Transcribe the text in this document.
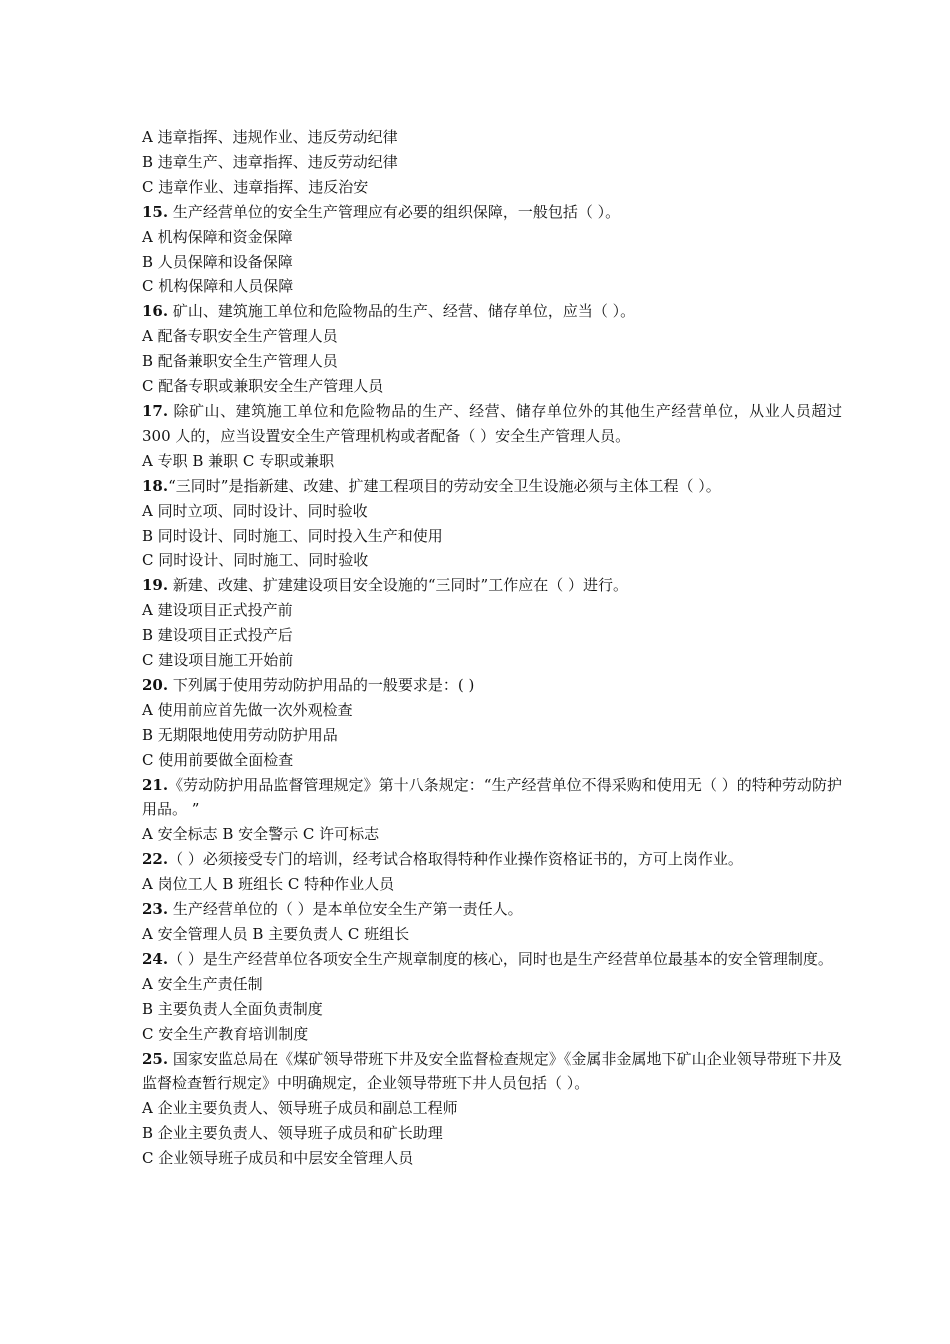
A 违章指挥、违规作业、违反劳动纪律
B 违章生产、违章指挥、违反劳动纪律
C 违章作业、违章指挥、违反治安
15. 生产经营单位的安全生产管理应有必要的组织保障，一般包括（ ）。
A 机构保障和资金保障
B 人员保障和设备保障
C 机构保障和人员保障
16. 矿山、建筑施工单位和危险物品的生产、经营、储存单位，应当（ ）。
A 配备专职安全生产管理人员
B 配备兼职安全生产管理人员
C 配备专职或兼职安全生产管理人员
17. 除矿山、建筑施工单位和危险物品的生产、经营、储存单位外的其他生产经营单位，从业人员超过 300 人的，应当设置安全生产管理机构或者配备（ ）安全生产管理人员。
A 专职 B 兼职 C 专职或兼职
18.“三同时”是指新建、改建、扩建工程项目的劳动安全卫生设施必须与主体工程（ ）。
A 同时立项、同时设计、同时验收
B 同时设计、同时施工、同时投入生产和使用
C 同时设计、同时施工、同时验收
19. 新建、改建、扩建建设项目安全设施的“三同时”工作应在（ ）进行。
A 建设项目正式投产前
B 建设项目正式投产后
C 建设项目施工开始前
20. 下列属于使用劳动防护用品的一般要求是：( )
A 使用前应首先做一次外观检查
B 无期限地使用劳动防护用品
C 使用前要做全面检查
21.《劳动防护用品监督管理规定》第十八条规定：“生产经营单位不得采购和使用无（ ）的特种劳动防护用品。 ”
A 安全标志 B 安全警示 C 许可标志
22.（ ）必须接受专门的培训，经考试合格取得特种作业操作资格证书的，方可上岗作业。
A 岗位工人 B 班组长 C 特种作业人员
23. 生产经营单位的（ ）是本单位安全生产第一责任人。
A 安全管理人员 B 主要负责人 C 班组长
24.（ ）是生产经营单位各项安全生产规章制度的核心，同时也是生产经营单位最基本的安全管理制度。
A 安全生产责任制
B 主要负责人全面负责制度
C 安全生产教育培训制度
25. 国家安监总局在《煤矿领导带班下井及安全监督检查规定》《金属非金属地下矿山企业领导带班下井及监督检查暂行规定》中明确规定，企业领导带班下井人员包括（ ）。
A 企业主要负责人、领导班子成员和副总工程师
B 企业主要负责人、领导班子成员和矿长助理
C 企业领导班子成员和中层安全管理人员
